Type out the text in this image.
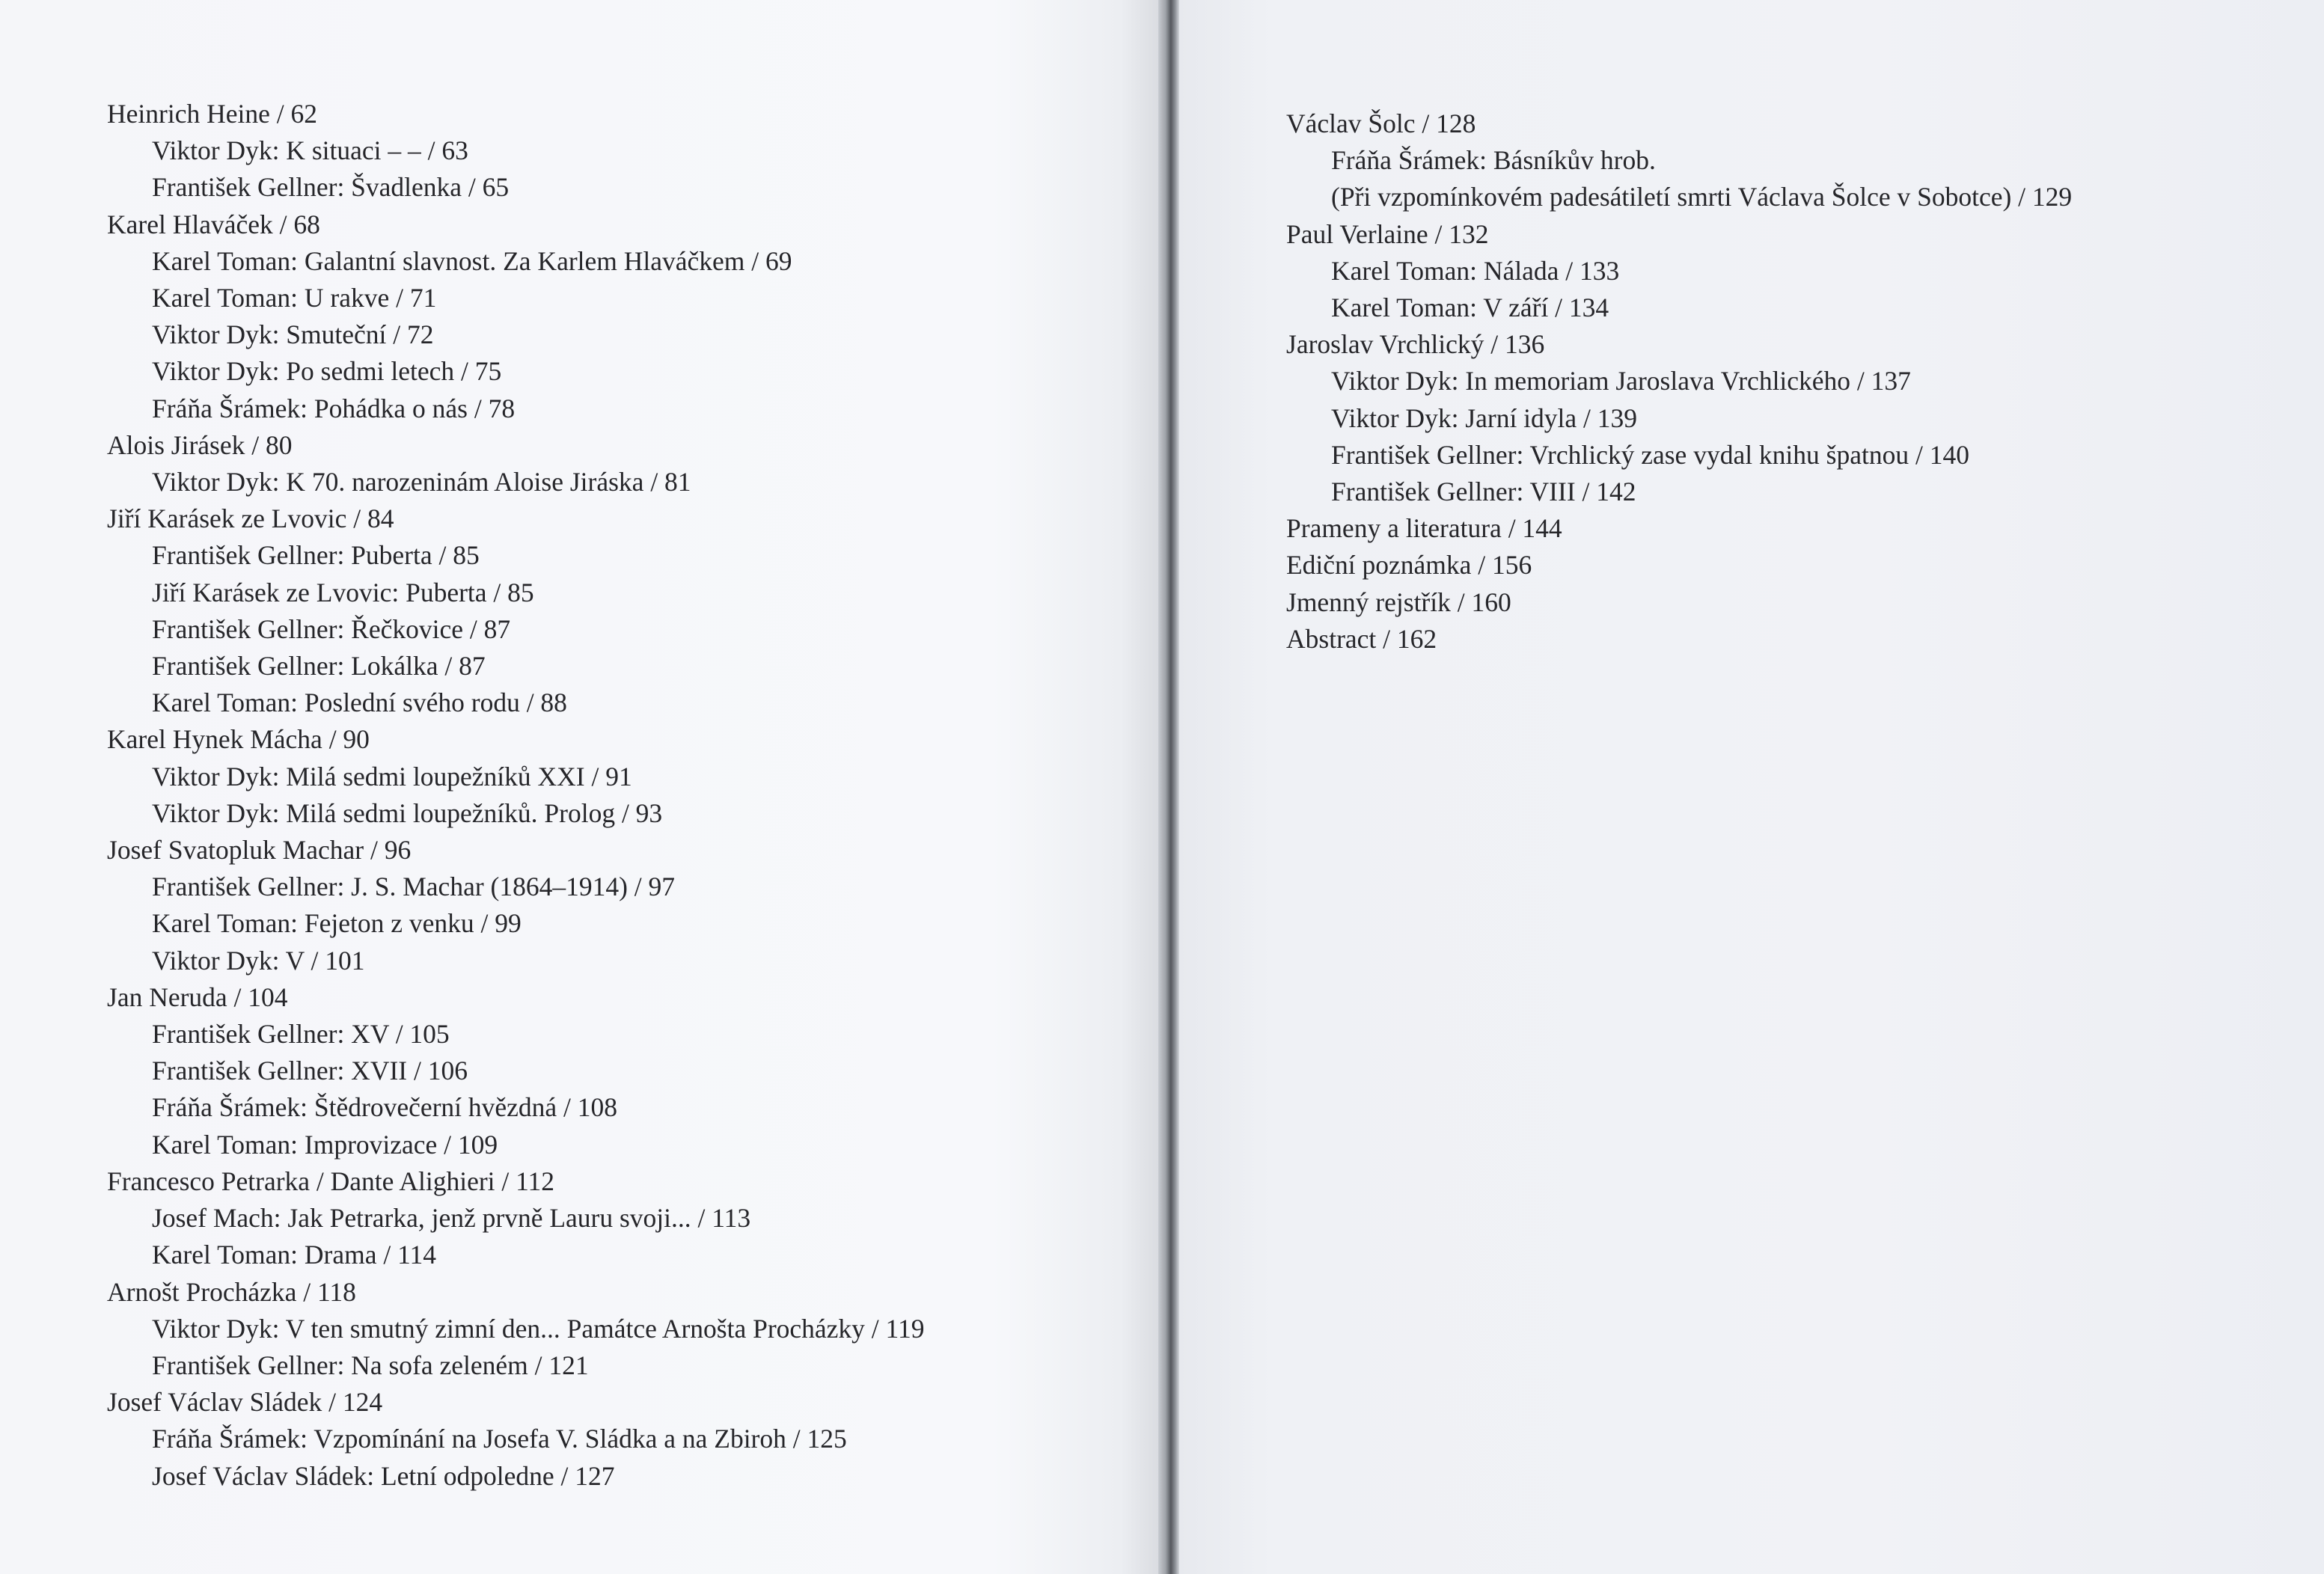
Heinrich Heine / 62
Viktor Dyk: K situaci – – / 63
František Gellner: Švadlenka / 65
Karel Hlaváček / 68
Karel Toman: Galantní slavnost. Za Karlem Hlaváčkem / 69
Karel Toman: U rakve / 71
Viktor Dyk: Smuteční / 72
Viktor Dyk: Po sedmi letech / 75
Fráňa Šrámek: Pohádka o nás / 78
Alois Jirásek / 80
Viktor Dyk: K 70. narozeninám Aloise Jiráska / 81
Jiří Karásek ze Lvovic / 84
František Gellner: Puberta / 85
Jiří Karásek ze Lvovic: Puberta / 85
František Gellner: Řečkovice / 87
František Gellner: Lokálka / 87
Karel Toman: Poslední svého rodu / 88
Karel Hynek Mácha / 90
Viktor Dyk: Milá sedmi loupežníků XXI / 91
Viktor Dyk: Milá sedmi loupežníků. Prolog / 93
Josef Svatopluk Machar / 96
František Gellner: J. S. Machar (1864–1914) / 97
Karel Toman: Fejeton z venku / 99
Viktor Dyk: V / 101
Jan Neruda / 104
František Gellner: XV / 105
František Gellner: XVII / 106
Fráňa Šrámek: Štědrovečerní hvězdná / 108
Karel Toman: Improvizace / 109
Francesco Petrarka / Dante Alighieri / 112
Josef Mach: Jak Petrarka, jenž prvně Lauru svoji... / 113
Karel Toman: Drama / 114
Arnošt Procházka / 118
Viktor Dyk: V ten smutný zimní den... Památce Arnošta Procházky / 119
František Gellner: Na sofa zeleném / 121
Josef Václav Sládek / 124
Fráňa Šrámek: Vzpomínání na Josefa V. Sládka a na Zbiroh / 125
Josef Václav Sládek: Letní odpoledne / 127
Václav Šolc / 128
Fráňa Šrámek: Básníkův hrob.
(Při vzpomínkovém padesátiletí smrti Václava Šolce v Sobotce) / 129
Paul Verlaine / 132
Karel Toman: Nálada / 133
Karel Toman: V září / 134
Jaroslav Vrchlický / 136
Viktor Dyk: In memoriam Jaroslava Vrchlického / 137
Viktor Dyk: Jarní idyla / 139
František Gellner: Vrchlický zase vydal knihu špatnou / 140
František Gellner: VIII / 142
Prameny a literatura / 144
Ediční poznámka / 156
Jmenný rejstřík / 160
Abstract / 162
